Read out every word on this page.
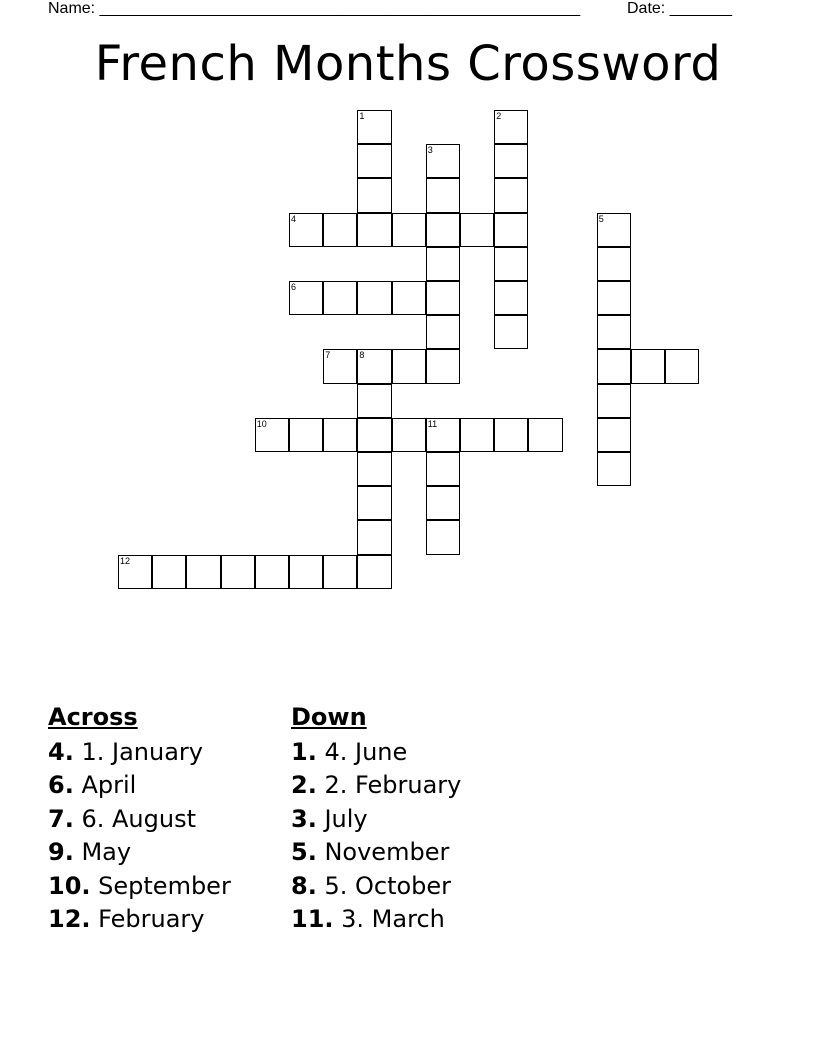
Name: ______________________________________________________	Date: _______
French Months Crossword
1	2
3
4	5
6
7	8
10	11
12
Across
4. 1. January
6. April
7. 6. August
9. May
10. September
12. February
Down
1. 4. June
2. 2. February
3. July
5. November
8. 5. October
11. 3. March
